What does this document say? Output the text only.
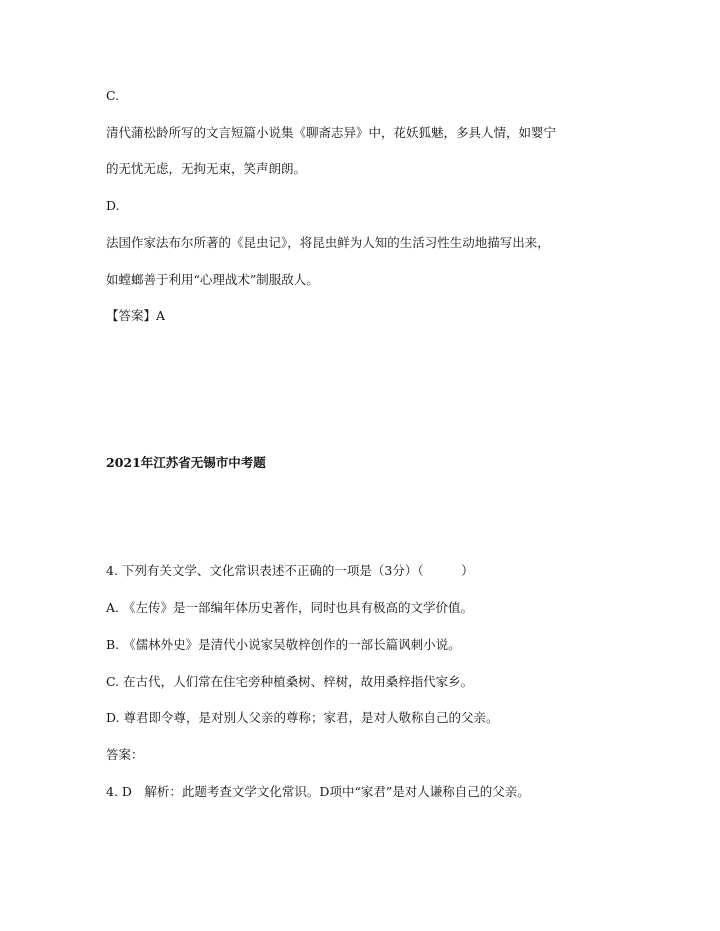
C.

清代蒲松龄所写的文言短篇小说集《聊斋志异》中，花妖狐魅，多具人情，如婴宁

的无忧无虑，无拘无束，笑声朗朗。

D.

法国作家法布尔所著的《昆虫记》，将昆虫鲜为人知的生活习性生动地描写出来，

如螳螂善于利用“心理战术”制服敌人。

【答案】A

2021年江苏省无锡市中考题

4. 下列有关文学、文化常识表述不正确的一项是（3分）（　　　）

A. 《左传》是一部编年体历史著作，同时也具有极高的文学价值。

B. 《儒林外史》是清代小说家吴敬梓创作的一部长篇讽刺小说。

C. 在古代，人们常在住宅旁种植桑树、梓树，故用桑梓指代家乡。

D. 尊君即令尊，是对别人父亲的尊称；家君，是对人敬称自己的父亲。

答案：

4. D　解析：此题考查文学文化常识。D项中“家君”是对人谦称自己的父亲。
